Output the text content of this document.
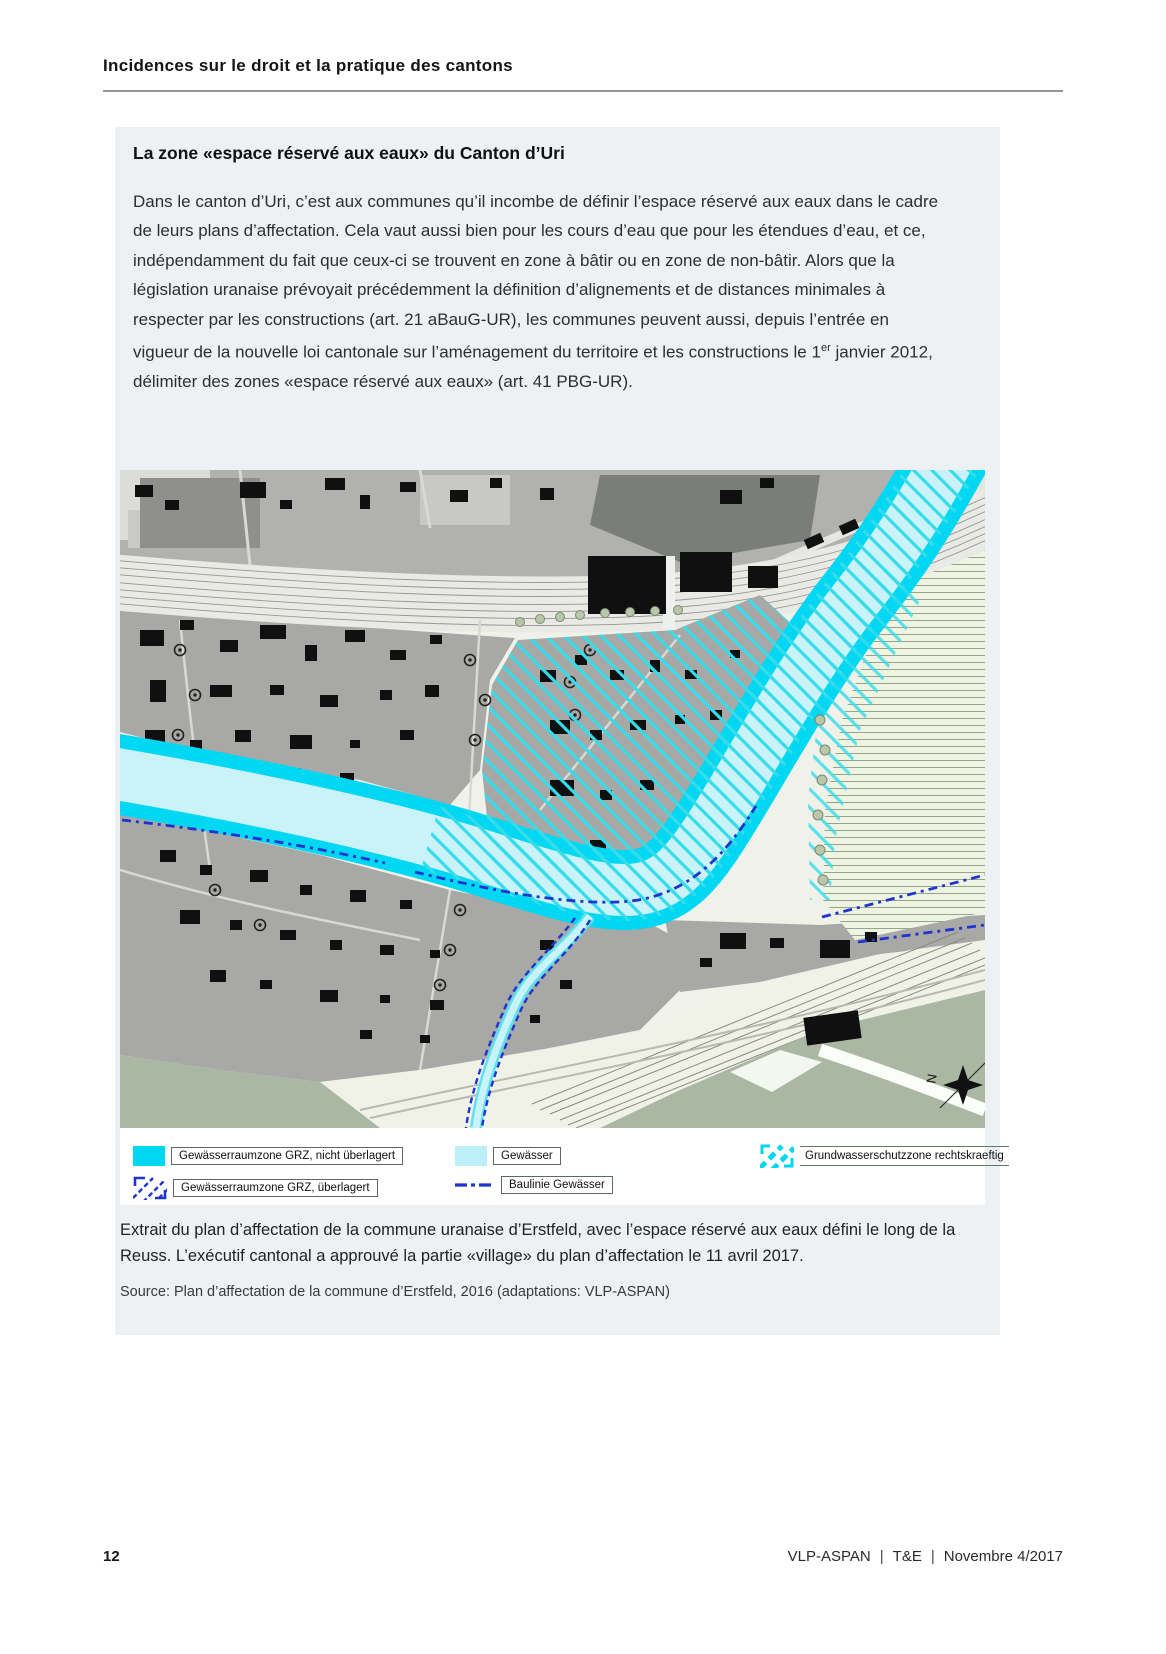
Incidences sur le droit et la pratique des cantons
La zone «espace réservé aux eaux» du Canton d’Uri

Dans le canton d’Uri, c’est aux communes qu’il incombe de définir l’espace réservé aux eaux dans le cadre de leurs plans d’affectation. Cela vaut aussi bien pour les cours d’eau que pour les étendues d’eau, et ce, indépendamment du fait que ceux-ci se trouvent en zone à bâtir ou en zone de non-bâtir. Alors que la législation uranaise prévoyait précédemment la définition d’alignements et de distances minimales à respecter par les constructions (art. 21 aBauG-UR), les communes peuvent aussi, depuis l’entrée en vigueur de la nouvelle loi cantonale sur l’aménagement du territoire et les constructions le 1er janvier 2012, délimiter des zones «espace réservé aux eaux» (art. 41 PBG-UR).

N
Gewässerraumzone GRZ, nicht überlagert	Gewässer	Grundwasserschutzzone rechtskraeftig
Gewässerraumzone GRZ, überlagert	Baulinie Gewässer

Extrait du plan d’affectation de la commune uranaise d’Erstfeld, avec l’espace réservé aux eaux défini le long de la Reuss. L’exécutif cantonal a approuvé la partie «village» du plan d’affectation le 11 avril 2017.

Source: Plan d’affectation de la commune d’Erstfeld, 2016 (adaptations: VLP-ASPAN)

12	VLP-ASPAN | T&E | Novembre 4/2017
